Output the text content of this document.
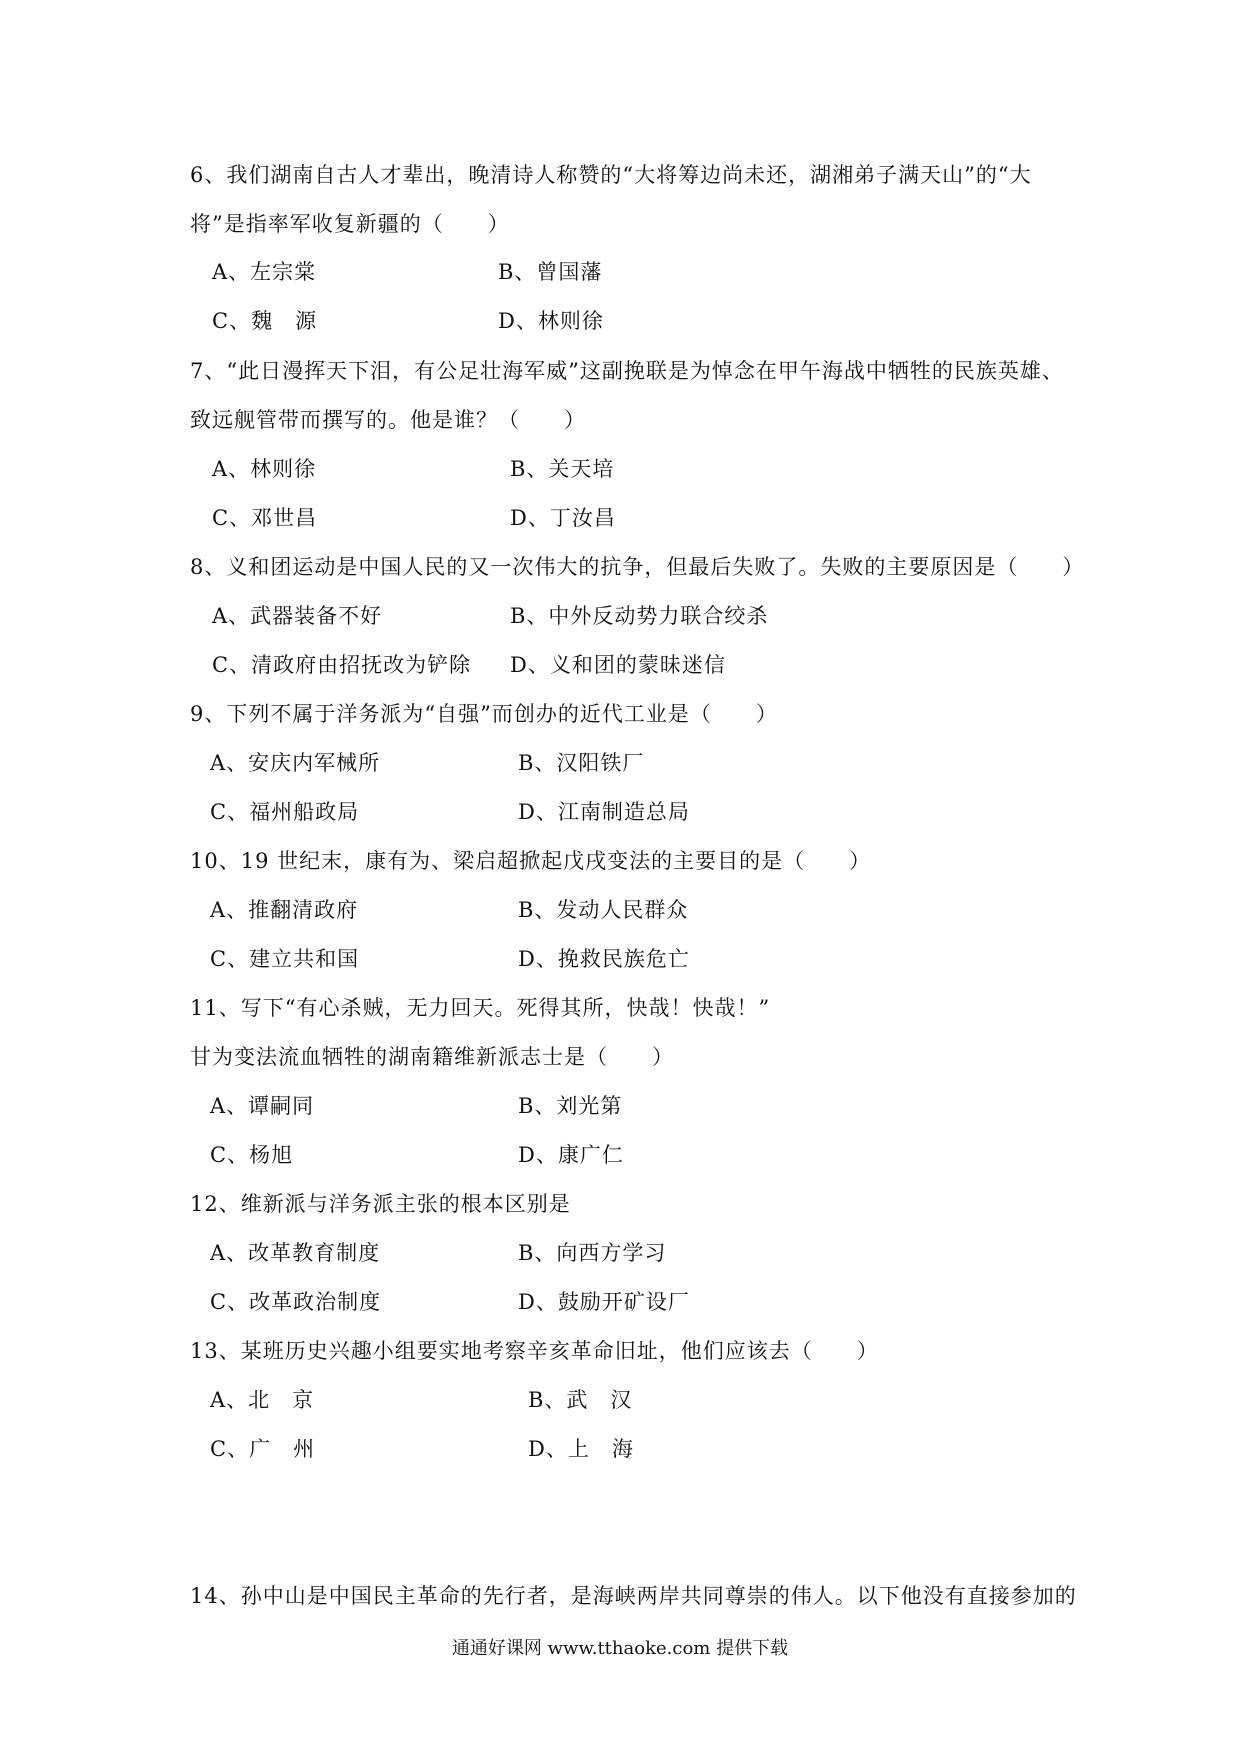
6、我们湖南自古人才辈出，晚清诗人称赞的“大将筹边尚未还，湖湘弟子满天山”的“大
将”是指率军收复新疆的（　　）
A、左宗棠	B、曾国藩
C、魏　源	D、林则徐
7、“此日漫挥天下泪，有公足壮海军威”这副挽联是为悼念在甲午海战中牺牲的民族英雄、
致远舰管带而撰写的。他是谁？（　　）
A、林则徐	B、关天培
C、邓世昌	D、丁汝昌
8、义和团运动是中国人民的又一次伟大的抗争，但最后失败了。失败的主要原因是（　　）
A、武器装备不好	B、中外反动势力联合绞杀
C、清政府由招抚改为铲除 D、义和团的蒙昧迷信
9、下列不属于洋务派为“自强”而创办的近代工业是（　　）
A、安庆内军械所	B、汉阳铁厂
C、福州船政局	D、江南制造总局
10、19 世纪末，康有为、梁启超掀起戊戌变法的主要目的是（　　）
A、推翻清政府	B、发动人民群众
C、建立共和国	D、挽救民族危亡
11、写下“有心杀贼，无力回天。死得其所，快哉！快哉！”
甘为变法流血牺牲的湖南籍维新派志士是（　　）
A、谭嗣同	B、刘光第
C、杨旭	D、康广仁
12、维新派与洋务派主张的根本区别是
A、改革教育制度	B、向西方学习
C、改革政治制度	D、鼓励开矿设厂
13、某班历史兴趣小组要实地考察辛亥革命旧址，他们应该去（　　）
A、北　京	B、武　汉
C、广　州	D、上　海
14、孙中山是中国民主革命的先行者，是海峡两岸共同尊崇的伟人。以下他没有直接参加的
通通好课网 www.tthaoke.com 提供下载
